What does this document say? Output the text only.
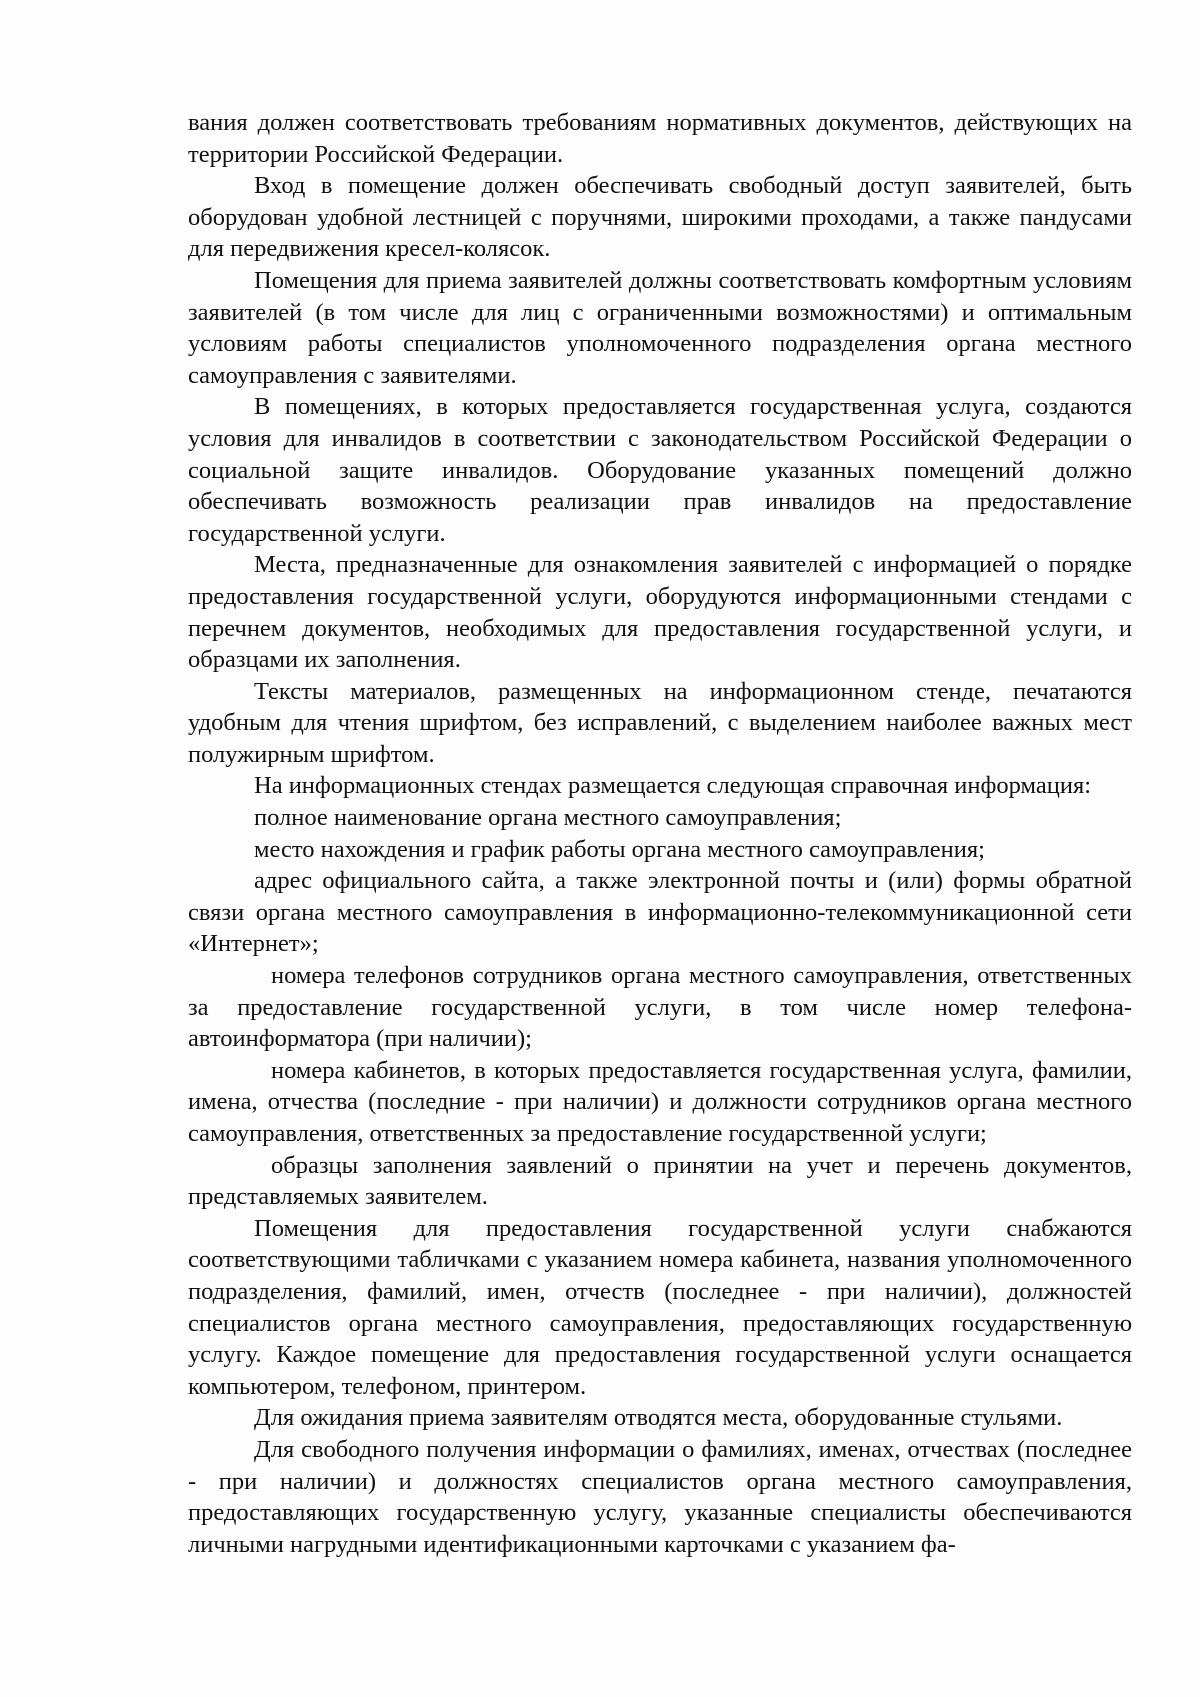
вания должен соответствовать требованиям нормативных документов, действующих на территории Российской Федерации.

Вход в помещение должен обеспечивать свободный доступ заявителей, быть оборудован удобной лестницей с поручнями, широкими проходами, а также пандусами для передвижения кресел-колясок.

Помещения для приема заявителей должны соответствовать комфортным условиям заявителей (в том числе для лиц с ограниченными возможностями) и оптимальным условиям работы специалистов уполномоченного подразделения органа местного самоуправления с заявителями.

В помещениях, в которых предоставляется государственная услуга, создаются условия для инвалидов в соответствии с законодательством Российской Федерации о социальной защите инвалидов. Оборудование указанных помещений должно обеспечивать возможность реализации прав инвалидов на предоставление государственной услуги.

Места, предназначенные для ознакомления заявителей с информацией о порядке предоставления государственной услуги, оборудуются информационными стендами с перечнем документов, необходимых для предоставления государственной услуги, и образцами их заполнения.

Тексты материалов, размещенных на информационном стенде, печатаются удобным для чтения шрифтом, без исправлений, с выделением наиболее важных мест полужирным шрифтом.

На информационных стендах размещается следующая справочная информация:

полное наименование органа местного самоуправления;

место нахождения и график работы органа местного самоуправления;

адрес официального сайта, а также электронной почты и (или) формы обратной связи органа местного самоуправления в информационно-телекоммуникационной сети «Интернет»;

номера телефонов сотрудников органа местного самоуправления, ответственных за предоставление государственной услуги, в том числе номер телефона-автоинформатора (при наличии);

номера кабинетов, в которых предоставляется государственная услуга, фамилии, имена, отчества (последние - при наличии) и должности сотрудников органа местного самоуправления, ответственных за предоставление государственной услуги;

образцы заполнения заявлений о принятии на учет и перечень документов, представляемых заявителем.

Помещения для предоставления государственной услуги снабжаются соответствующими табличками с указанием номера кабинета, названия уполномоченного подразделения, фамилий, имен, отчеств (последнее - при наличии), должностей специалистов органа местного самоуправления, предоставляющих государственную услугу. Каждое помещение для предоставления государственной услуги оснащается компьютером, телефоном, принтером.

Для ожидания приема заявителям отводятся места, оборудованные стульями.

Для свободного получения информации о фамилиях, именах, отчествах (последнее - при наличии) и должностях специалистов органа местного самоуправления, предоставляющих государственную услугу, указанные специалисты обеспечиваются личными нагрудными идентификационными карточками с указанием фа-
